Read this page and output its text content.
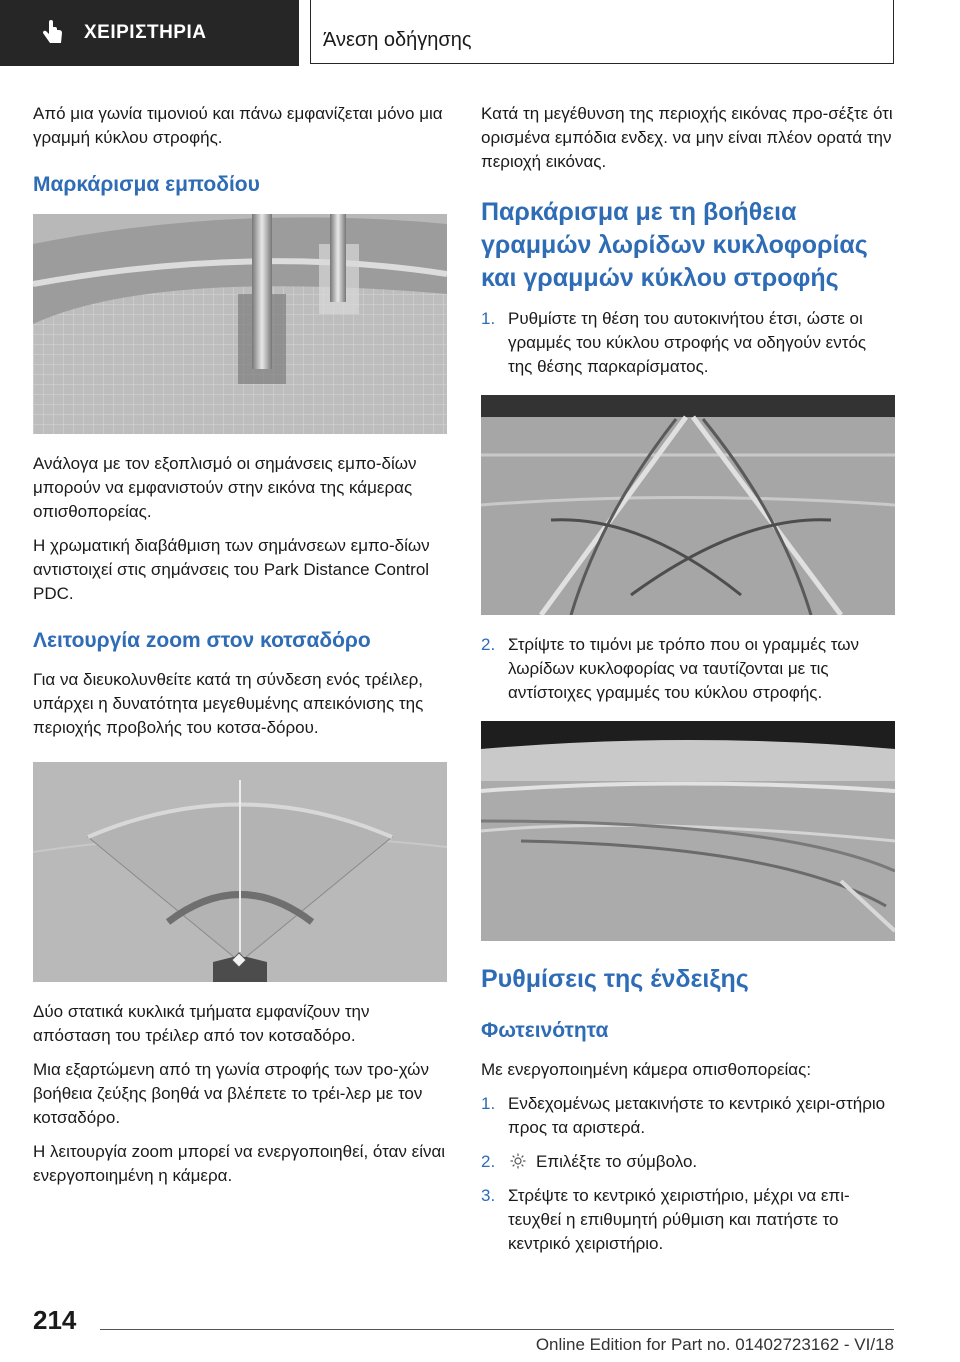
ΧΕΙΡΙΣΤΗΡΙΑ	Άνεση οδήγησης

Από μια γωνία τιμονιού και πάνω εμφανίζεται μόνο μια γραμμή κύκλου στροφής.

Μαρκάρισμα εμποδίου

Ανάλογα με τον εξοπλισμό οι σημάνσεις εμπο-δίων μπορούν να εμφανιστούν στην εικόνα της κάμερας οπισθοπορείας.

Η χρωματική διαβάθμιση των σημάνσεων εμπο-δίων αντιστοιχεί στις σημάνσεις του Park Distance Control PDC.

Λειτουργία zoom στον κοτσαδόρο

Για να διευκολυνθείτε κατά τη σύνδεση ενός τρέιλερ, υπάρχει η δυνατότητα μεγεθυμένης απεικόνισης της περιοχής προβολής του κοτσα-δόρου.

Δύο στατικά κυκλικά τμήματα εμφανίζουν την απόσταση του τρέιλερ από τον κοτσαδόρο.

Μια εξαρτώμενη από τη γωνία στροφής των τρο-χών βοήθεια ζεύξης βοηθά να βλέπετε το τρέι-λερ με τον κοτσαδόρο.

Η λειτουργία zoom μπορεί να ενεργοποιηθεί, όταν είναι ενεργοποιημένη η κάμερα.

Κατά τη μεγέθυνση της περιοχής εικόνας προ-σέξτε ότι ορισμένα εμπόδια ενδεχ. να μην είναι πλέον ορατά την περιοχή εικόνας.

Παρκάρισμα με τη βοήθεια γραμμών λωρίδων κυκλοφορίας και γραμμών κύκλου στροφής
1. Ρυθμίστε τη θέση του αυτοκινήτου έτσι, ώστε οι γραμμές του κύκλου στροφής να οδηγούν εντός της θέσης παρκαρίσματος.
2. Στρίψτε το τιμόνι με τρόπο που οι γραμμές των λωρίδων κυκλοφορίας να ταυτίζονται με τις αντίστοιχες γραμμές του κύκλου στροφής.
Ρυθμίσεις της ένδειξης
Φωτεινότητα

Με ενεργοποιημένη κάμερα οπισθοπορείας:

1. Ενδεχομένως μετακινήστε το κεντρικό χειρι-στήριο προς τα αριστερά.
2. Επιλέξτε το σύμβολο.
3. Στρέψτε το κεντρικό χειριστήριο, μέχρι να επι-τευχθεί η επιθυμητή ρύθμιση και πατήστε το κεντρικό χειριστήριο.
214
Online Edition for Part no. 01402723162 - VI/18
